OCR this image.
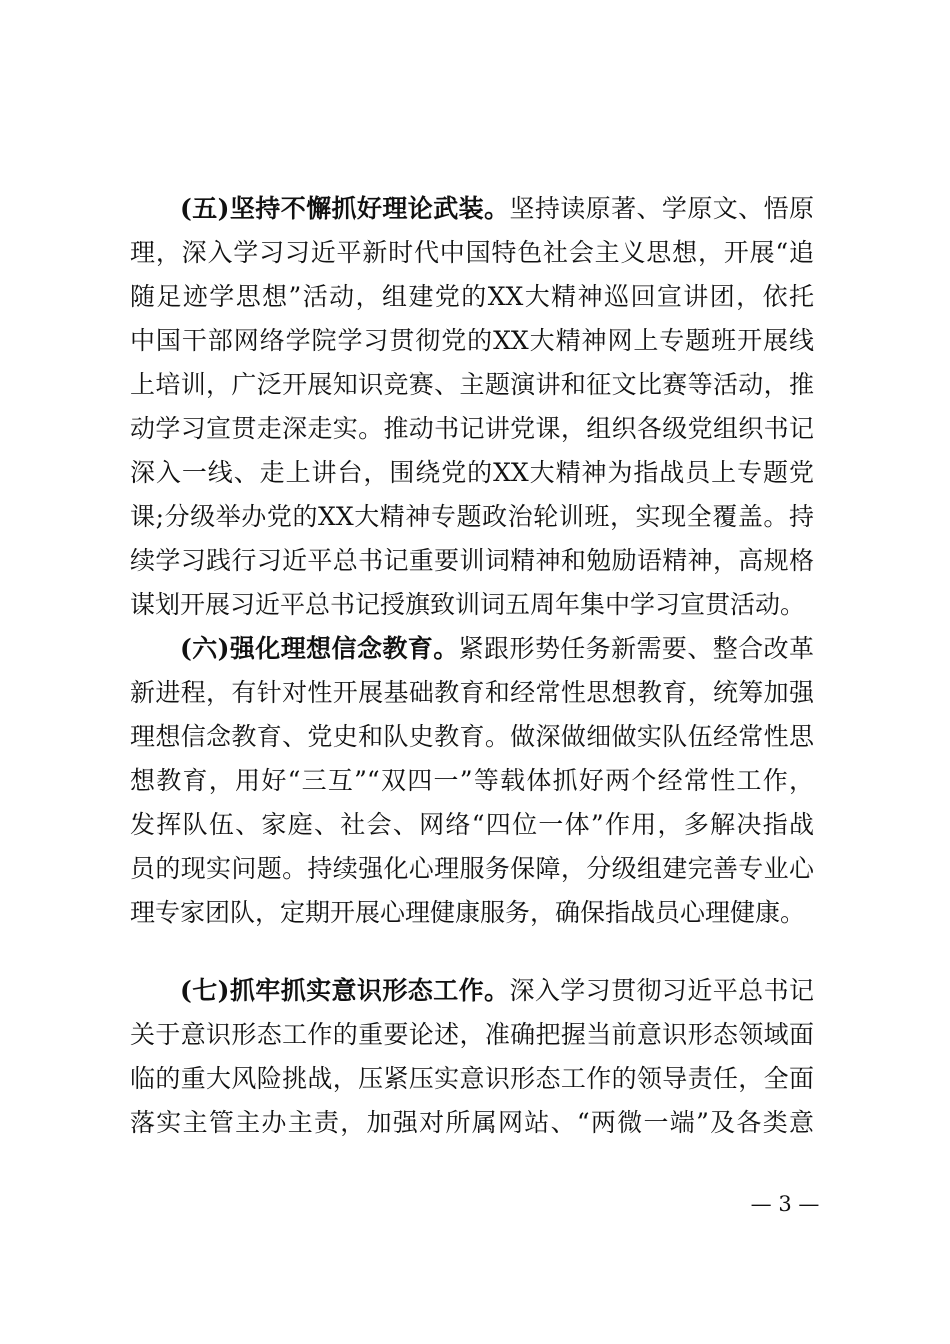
(五)坚持不懈抓好理论武装。坚持读原著、学原文、悟原
理，深入学习习近平新时代中国特色社会主义思想，开展“追
随足迹学思想”活动，组建党的XX大精神巡回宣讲团，依托
中国干部网络学院学习贯彻党的XX大精神网上专题班开展线
上培训，广泛开展知识竞赛、主题演讲和征文比赛等活动，推
动学习宣贯走深走实。推动书记讲党课，组织各级党组织书记
深入一线、走上讲台，围绕党的XX大精神为指战员上专题党
课;分级举办党的XX大精神专题政治轮训班，实现全覆盖。持
续学习践行习近平总书记重要训词精神和勉励语精神，高规格
谋划开展习近平总书记授旗致训词五周年集中学习宣贯活动。
(六)强化理想信念教育。紧跟形势任务新需要、整合改革
新进程，有针对性开展基础教育和经常性思想教育，统筹加强
理想信念教育、党史和队史教育。做深做细做实队伍经常性思
想教育，用好“三互”“双四一”等载体抓好两个经常性工作，
发挥队伍、家庭、社会、网络“四位一体”作用，多解决指战
员的现实问题。持续强化心理服务保障，分级组建完善专业心
理专家团队，定期开展心理健康服务，确保指战员心理健康。
(七)抓牢抓实意识形态工作。深入学习贯彻习近平总书记
关于意识形态工作的重要论述，准确把握当前意识形态领域面
临的重大风险挑战，压紧压实意识形态工作的领导责任，全面
落实主管主办主责，加强对所属网站、“两微一端”及各类意
— 3 —
